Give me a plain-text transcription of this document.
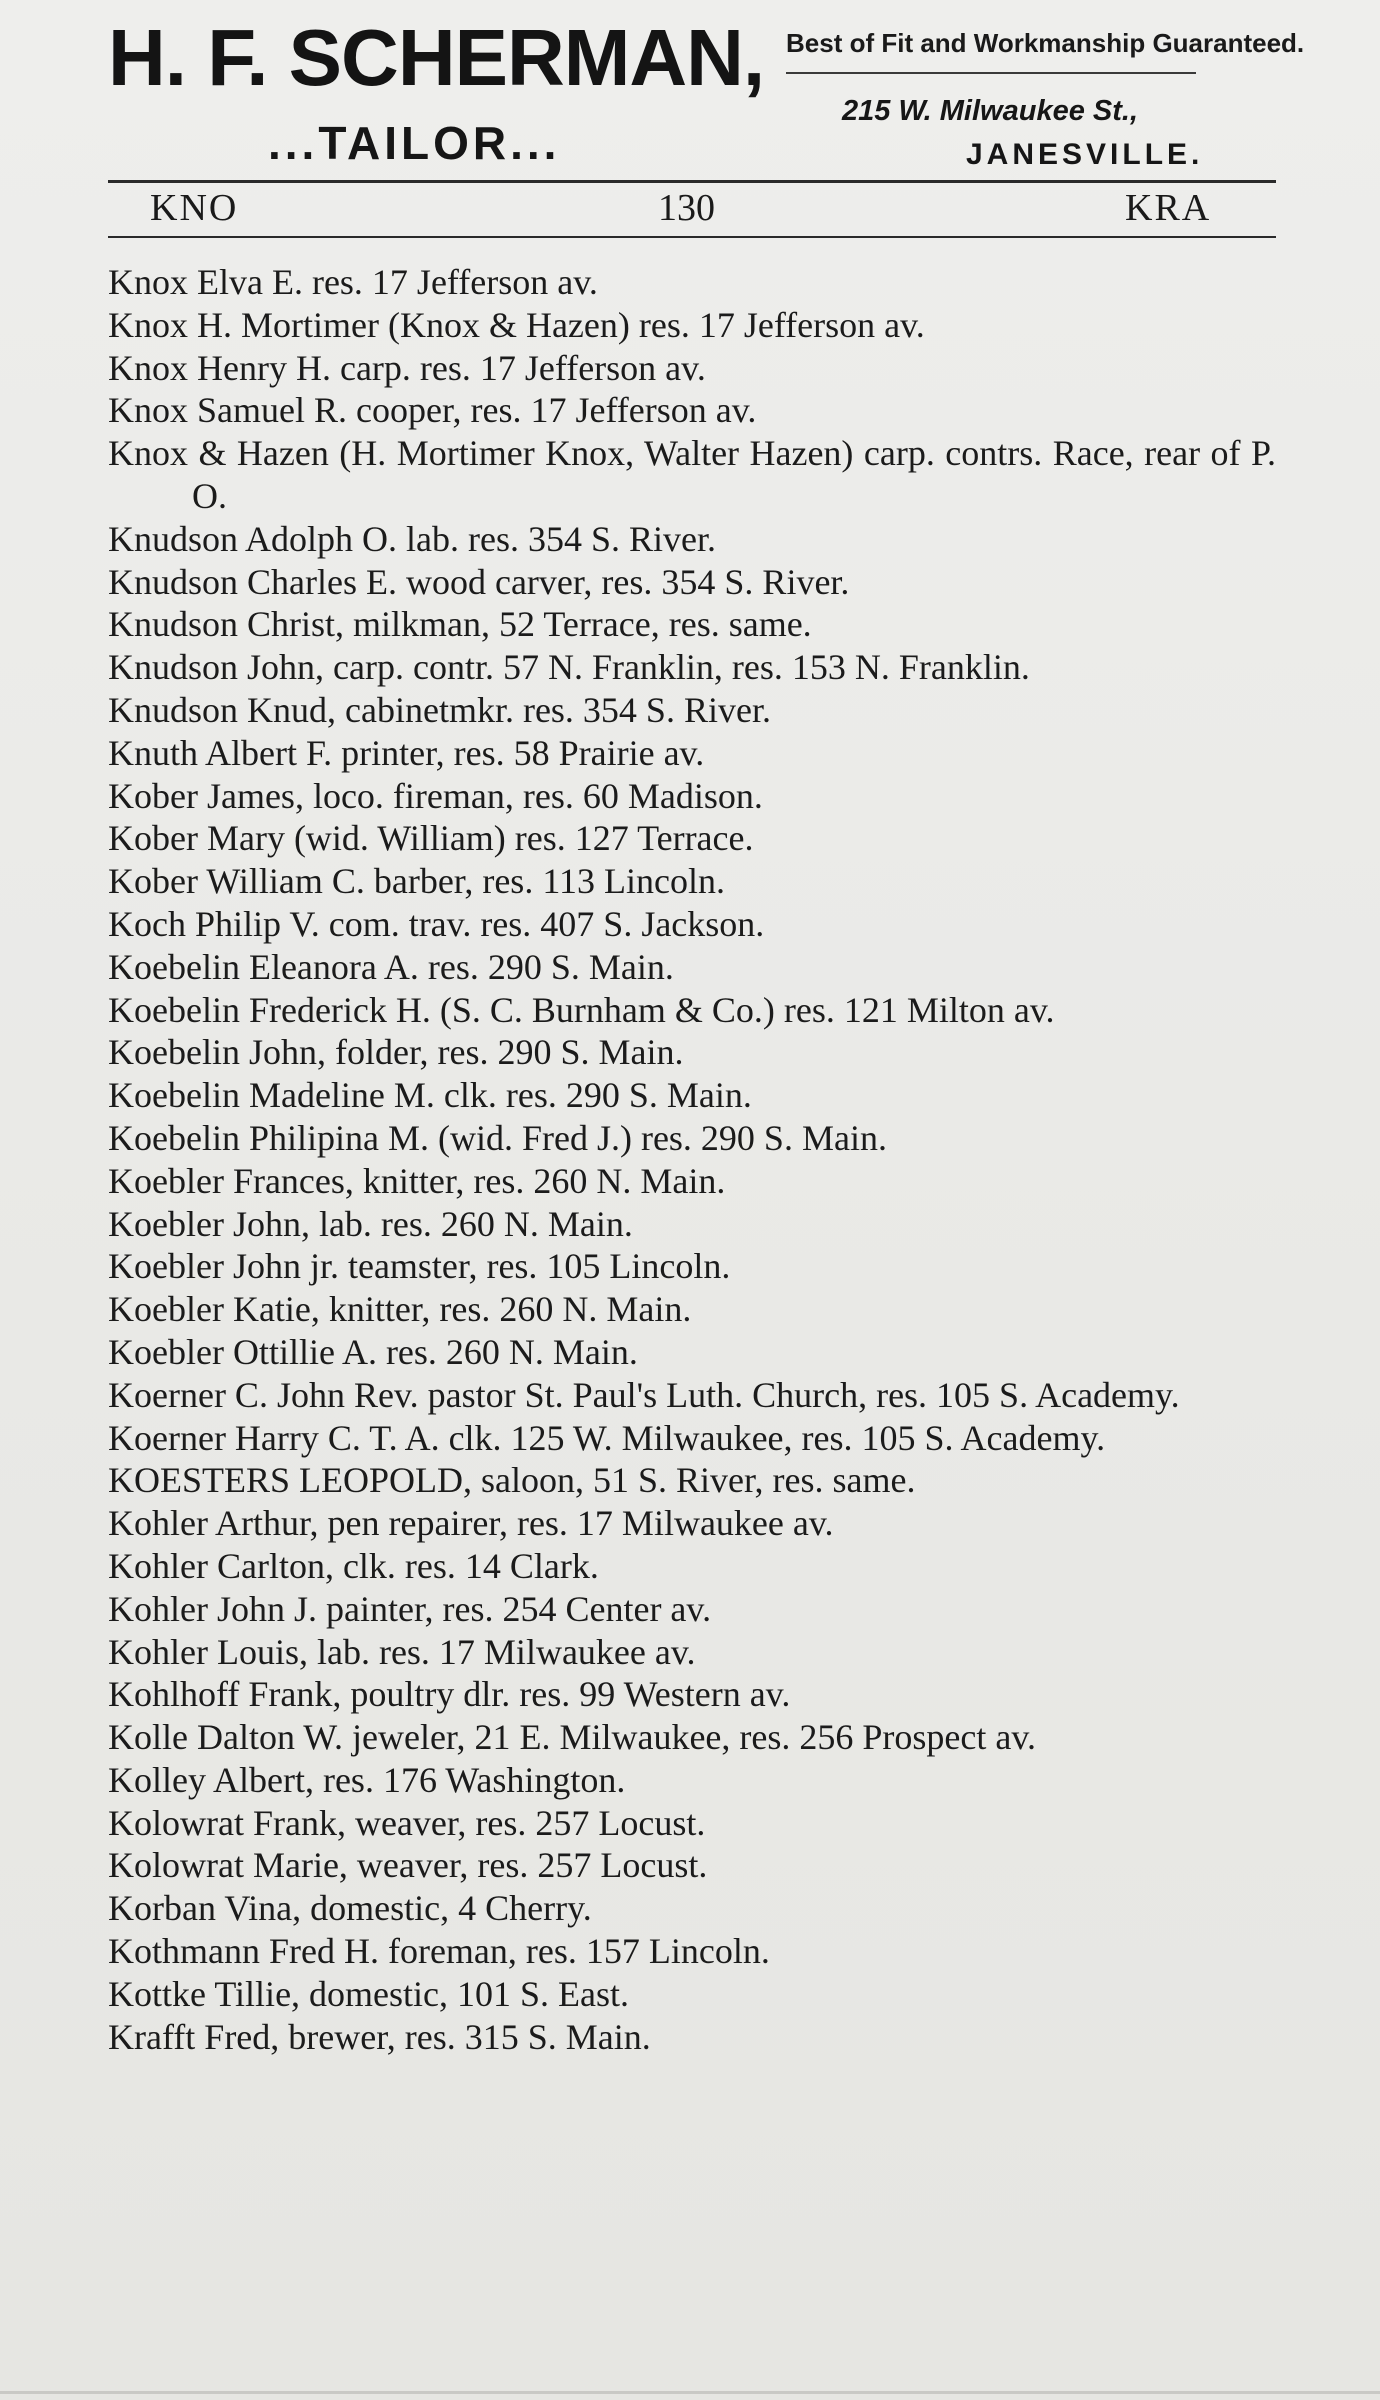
H. F. SCHERMAN,
...TAILOR...
Best of Fit and Workmanship Guaranteed.
215 W. Milwaukee St.,
JANESVILLE.
KNO	130	KRA
Knox Elva E. res. 17 Jefferson av.
Knox H. Mortimer (Knox & Hazen) res. 17 Jefferson av.
Knox Henry H. carp. res. 17 Jefferson av.
Knox Samuel R. cooper, res. 17 Jefferson av.
Knox & Hazen (H. Mortimer Knox, Walter Hazen) carp. contrs. Race, rear of P. O.
Knudson Adolph O. lab. res. 354 S. River.
Knudson Charles E. wood carver, res. 354 S. River.
Knudson Christ, milkman, 52 Terrace, res. same.
Knudson John, carp. contr. 57 N. Franklin, res. 153 N. Franklin.
Knudson Knud, cabinetmkr. res. 354 S. River.
Knuth Albert F. printer, res. 58 Prairie av.
Kober James, loco. fireman, res. 60 Madison.
Kober Mary (wid. William) res. 127 Terrace.
Kober William C. barber, res. 113 Lincoln.
Koch Philip V. com. trav. res. 407 S. Jackson.
Koebelin Eleanora A. res. 290 S. Main.
Koebelin Frederick H. (S. C. Burnham & Co.) res. 121 Milton av.
Koebelin John, folder, res. 290 S. Main.
Koebelin Madeline M. clk. res. 290 S. Main.
Koebelin Philipina M. (wid. Fred J.) res. 290 S. Main.
Koebler Frances, knitter, res. 260 N. Main.
Koebler John, lab. res. 260 N. Main.
Koebler John jr. teamster, res. 105 Lincoln.
Koebler Katie, knitter, res. 260 N. Main.
Koebler Ottillie A. res. 260 N. Main.
Koerner C. John Rev. pastor St. Paul's Luth. Church, res. 105 S. Academy.
Koerner Harry C. T. A. clk. 125 W. Milwaukee, res. 105 S. Academy.
KOESTERS LEOPOLD, saloon, 51 S. River, res. same.
Kohler Arthur, pen repairer, res. 17 Milwaukee av.
Kohler Carlton, clk. res. 14 Clark.
Kohler John J. painter, res. 254 Center av.
Kohler Louis, lab. res. 17 Milwaukee av.
Kohlhoff Frank, poultry dlr. res. 99 Western av.
Kolle Dalton W. jeweler, 21 E. Milwaukee, res. 256 Prospect av.
Kolley Albert, res. 176 Washington.
Kolowrat Frank, weaver, res. 257 Locust.
Kolowrat Marie, weaver, res. 257 Locust.
Korban Vina, domestic, 4 Cherry.
Kothmann Fred H. foreman, res. 157 Lincoln.
Kottke Tillie, domestic, 101 S. East.
Krafft Fred, brewer, res. 315 S. Main.
